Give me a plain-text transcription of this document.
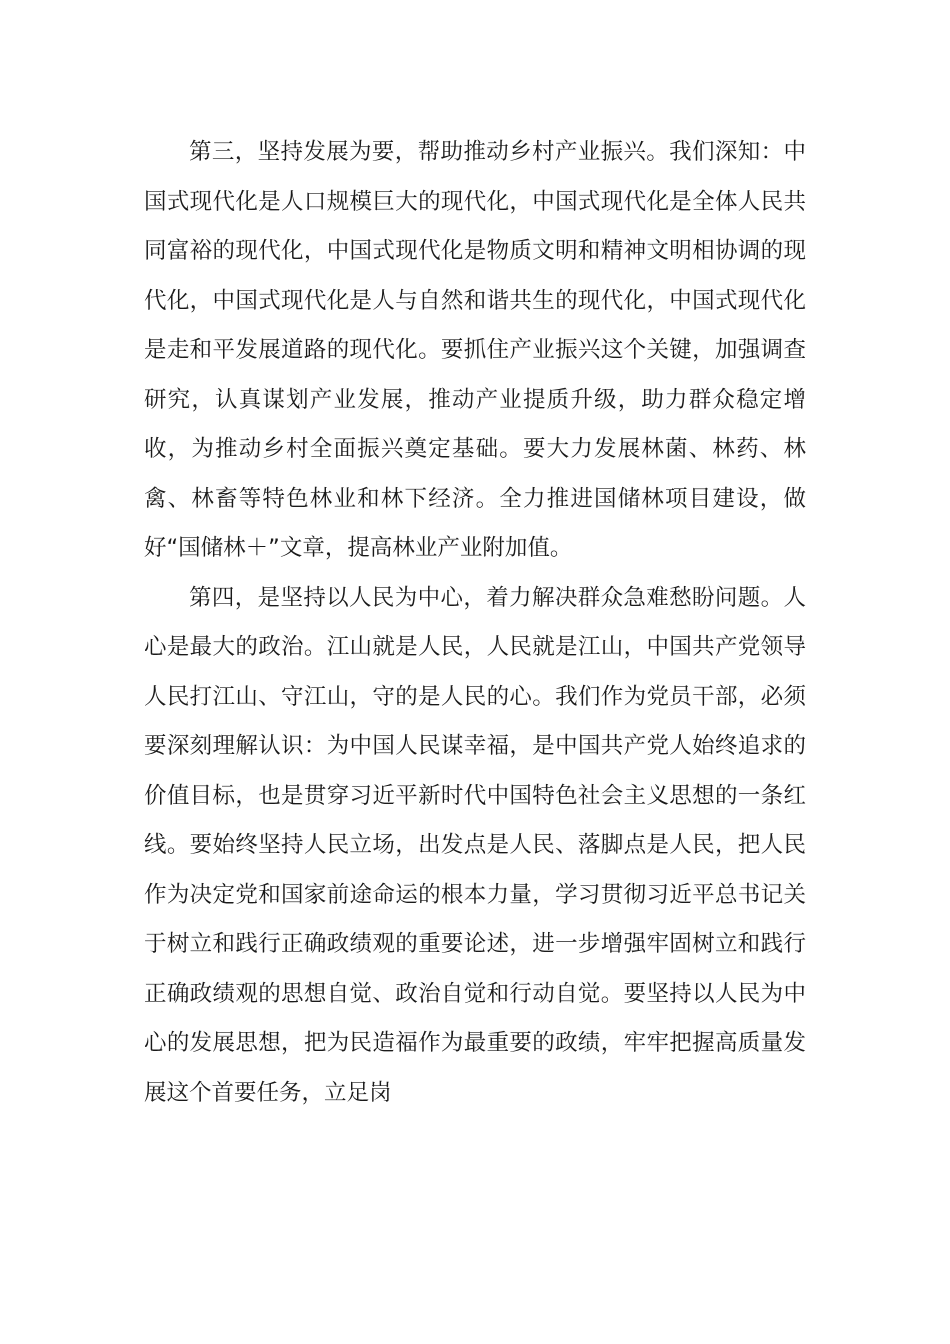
第三，坚持发展为要，帮助推动乡村产业振兴。我们深知：中国式现代化是人口规模巨大的现代化，中国式现代化是全体人民共同富裕的现代化，中国式现代化是物质文明和精神文明相协调的现代化，中国式现代化是人与自然和谐共生的现代化，中国式现代化是走和平发展道路的现代化。要抓住产业振兴这个关键，加强调查研究，认真谋划产业发展，推动产业提质升级，助力群众稳定增收，为推动乡村全面振兴奠定基础。要大力发展林菌、林药、林禽、林畜等特色林业和林下经济。全力推进国储林项目建设，做好“国储林＋”文章，提高林业产业附加值。

第四，是坚持以人民为中心，着力解决群众急难愁盼问题。人心是最大的政治。江山就是人民，人民就是江山，中国共产党领导人民打江山、守江山，守的是人民的心。我们作为党员干部，必须要深刻理解认识：为中国人民谋幸福，是中国共产党人始终追求的价值目标，也是贯穿习近平新时代中国特色社会主义思想的一条红线。要始终坚持人民立场，出发点是人民、落脚点是人民，把人民作为决定党和国家前途命运的根本力量，学习贯彻习近平总书记关于树立和践行正确政绩观的重要论述，进一步增强牢固树立和践行正确政绩观的思想自觉、政治自觉和行动自觉。要坚持以人民为中心的发展思想，把为民造福作为最重要的政绩，牢牢把握高质量发展这个首要任务，立足岗
